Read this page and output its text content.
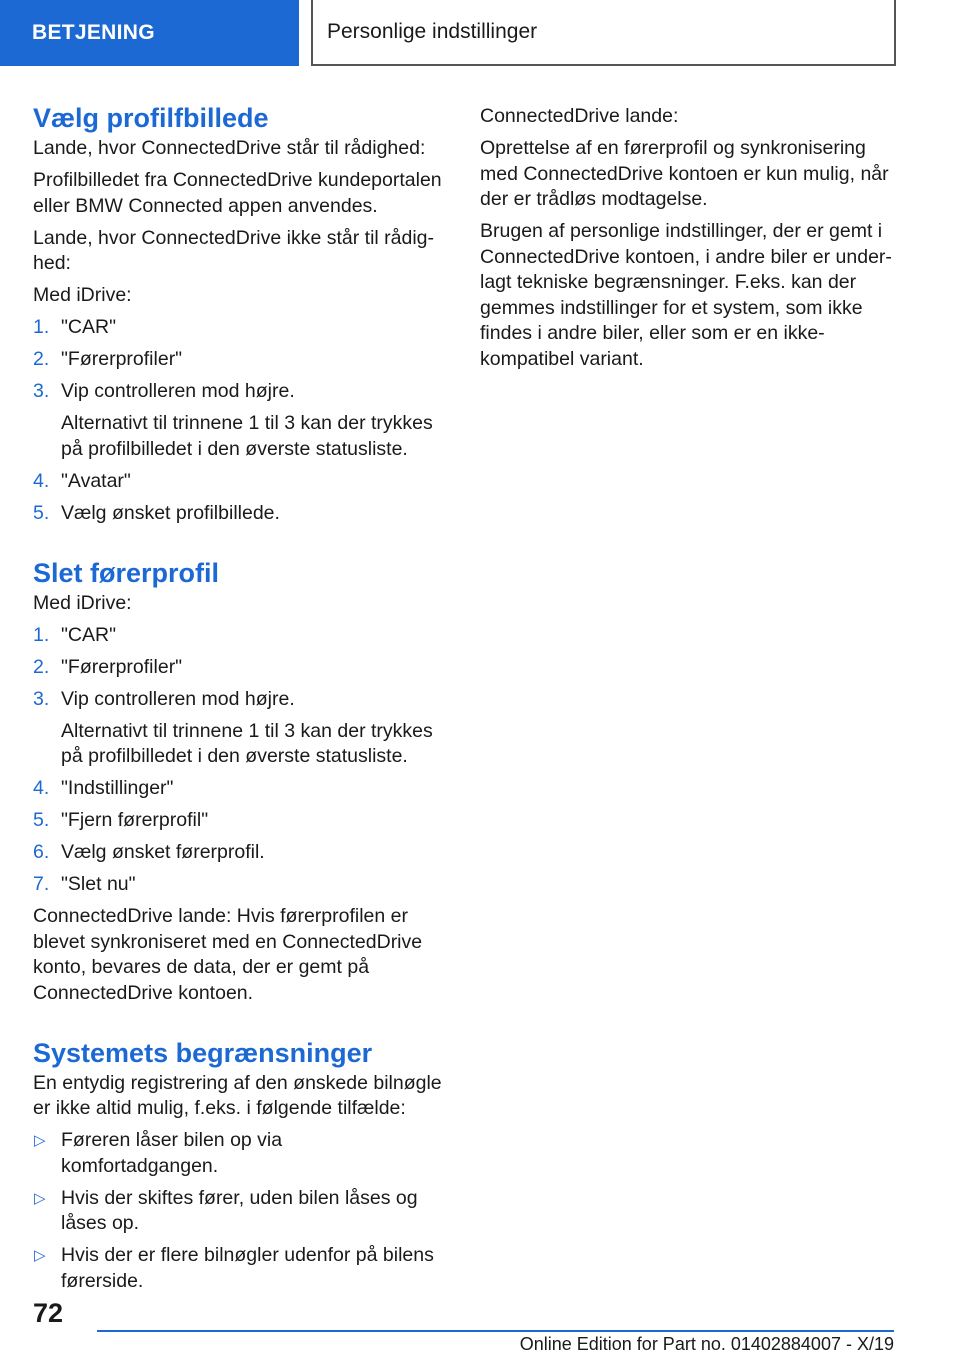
BETJENING	Personlige indstillinger
Vælg profilfbillede

Lande, hvor ConnectedDrive står til rådighed:

Profilbilledet fra ConnectedDrive kundeportalen eller BMW Connected appen anvendes.

Lande, hvor ConnectedDrive ikke står til rådighed:

Med iDrive:

1. "CAR"
2. "Førerprofiler"
3. Vip controlleren mod højre.
Alternativt til trinnene 1 til 3 kan der trykkes på profilbilledet i den øverste statusliste.
4. "Avatar"
5. Vælg ønsket profilbillede.
Slet førerprofil

Med iDrive:

1. "CAR"
2. "Førerprofiler"
3. Vip controlleren mod højre.
Alternativt til trinnene 1 til 3 kan der trykkes på profilbilledet i den øverste statusliste.
4. "Indstillinger"
5. "Fjern førerprofil"
6. Vælg ønsket førerprofil.
7. "Slet nu"

ConnectedDrive lande: Hvis førerprofilen er blevet synkroniseret med en ConnectedDrive konto, bevares de data, der er gemt på ConnectedDrive kontoen.

Systemets begrænsninger

En entydig registrering af den ønskede bilnøgle er ikke altid mulig, f.eks. i følgende tilfælde:

▷ Føreren låser bilen op via komfortadgangen.
▷ Hvis der skiftes fører, uden bilen låses og låses op.
▷ Hvis der er flere bilnøgler udenfor på bilens førerside.

ConnectedDrive lande:

Oprettelse af en førerprofil og synkronisering med ConnectedDrive kontoen er kun mulig, når der er trådløs modtagelse.

Brugen af personlige indstillinger, der er gemt i ConnectedDrive kontoen, i andre biler er underlagt tekniske begrænsninger. F.eks. kan der gemmes indstillinger for et system, som ikke findes i andre biler, eller som er en ikke-kompatibel variant.

72
Online Edition for Part no. 01402884007 - X/19
